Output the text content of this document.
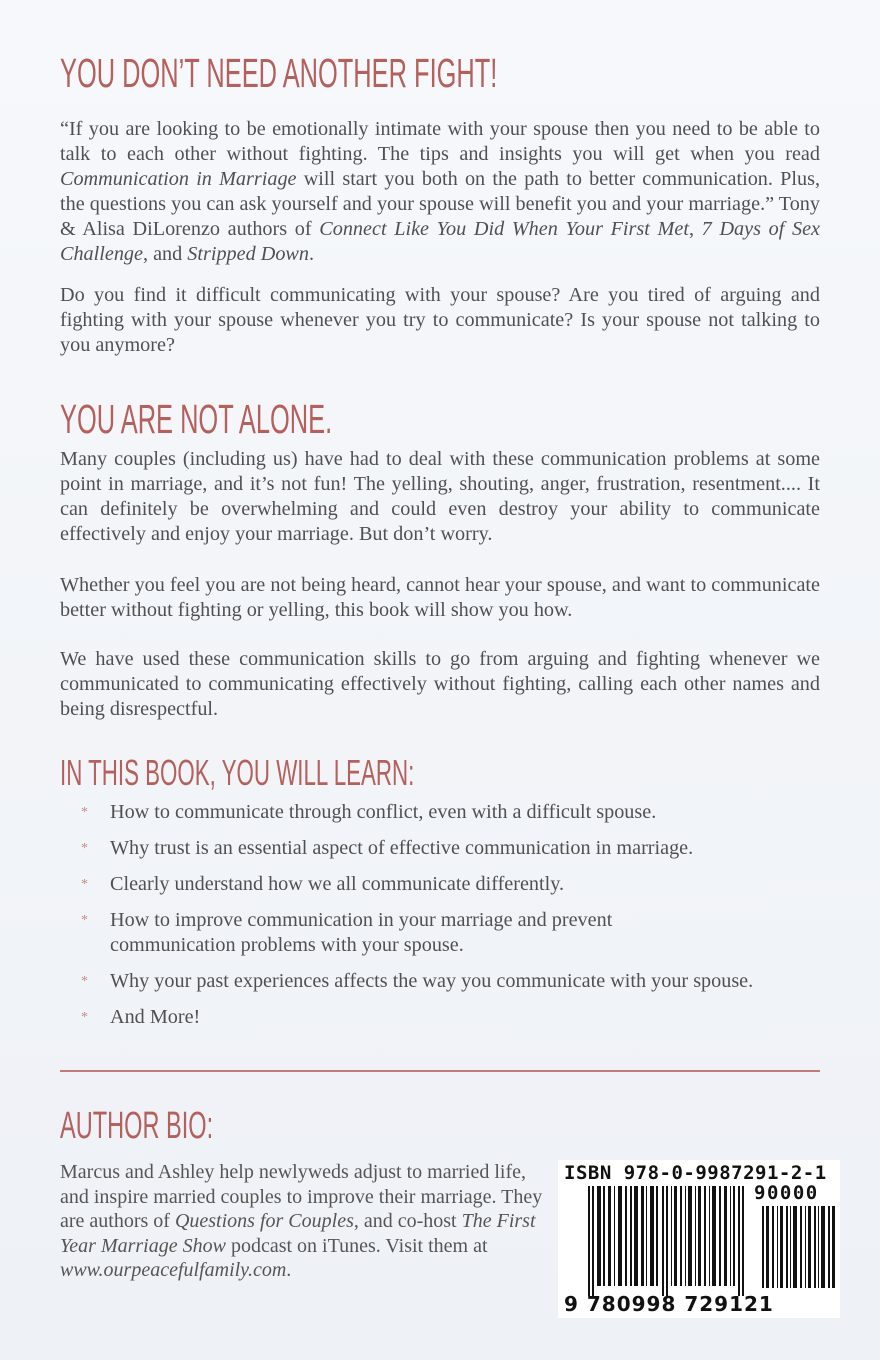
YOU DON’T NEED ANOTHER FIGHT!

“If you are looking to be emotionally intimate with your spouse then you need to be able to talk to each other without fighting. The tips and insights you will get when you read Communication in Marriage will start you both on the path to better communication. Plus, the questions you can ask yourself and your spouse will benefit you and your marriage.” Tony & Alisa DiLorenzo authors of Connect Like You Did When Your First Met, 7 Days of Sex Challenge, and Stripped Down.

Do you find it difficult communicating with your spouse? Are you tired of arguing and fighting with your spouse whenever you try to communicate? Is your spouse not talking to you anymore?

YOU ARE NOT ALONE.

Many couples (including us) have had to deal with these communication problems at some point in marriage, and it’s not fun! The yelling, shouting, anger, frustration, resentment.... It can definitely be overwhelming and could even destroy your ability to communicate effectively and enjoy your marriage. But don’t worry.

Whether you feel you are not being heard, cannot hear your spouse, and want to communicate better without fighting or yelling, this book will show you how.

We have used these communication skills to go from arguing and fighting whenever we communicated to communicating effectively without fighting, calling each other names and being disrespectful.

IN THIS BOOK, YOU WILL LEARN:
* How to communicate through conflict, even with a difficult spouse.
* Why trust is an essential aspect of effective communication in marriage.
* Clearly understand how we all communicate differently.
* How to improve communication in your marriage and prevent communication problems with your spouse.
* Why your past experiences affects the way you communicate with your spouse.
* And More!
AUTHOR BIO:

Marcus and Ashley help newlyweds adjust to married life, and inspire married couples to improve their marriage. They are authors of Questions for Couples, and co-host The First Year Marriage Show podcast on iTunes. Visit them at www.ourpeacefulfamily.com.

ISBN 978-0-9987291-2-1
90000
9 780998 729121
